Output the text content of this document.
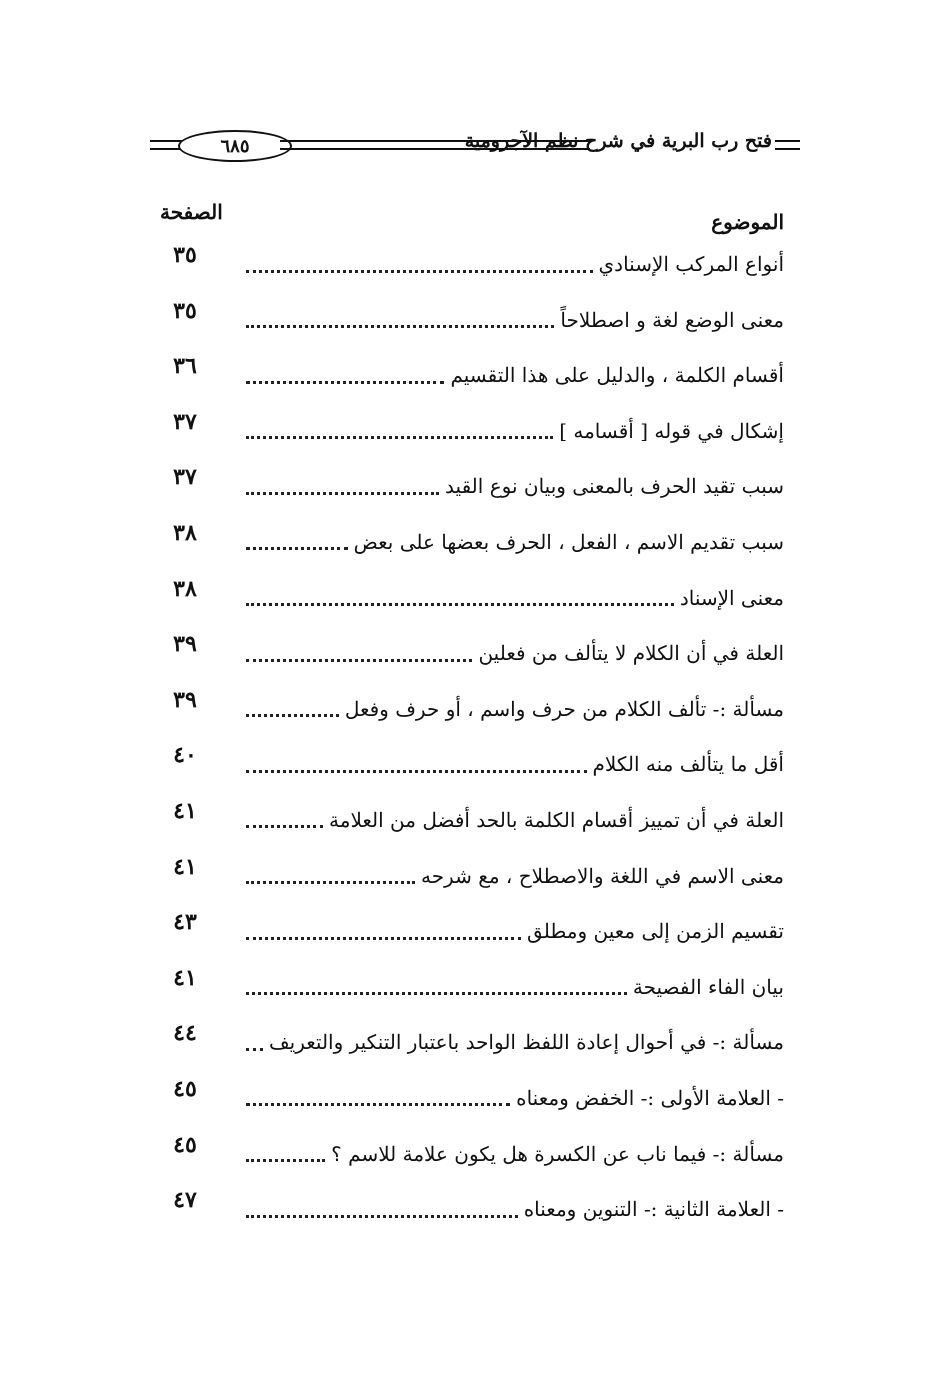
٦٨٥	فتح رب البرية في شرح نظم الآجرومية
الصفحة	الموضوع
٣٥	أنواع المركب الإسنادي
٣٥	معنى الوضع لغة و اصطلاحاً
٣٦	أقسام الكلمة ، والدليل على هذا التقسيم
٣٧	إشكال في قوله [ أقسامه ]
٣٧	سبب تقيد الحرف بالمعنى وبيان نوع القيد
٣٨	سبب تقديم الاسم ، الفعل ، الحرف بعضها على بعض
٣٨	معنى الإسناد
٣٩	العلة في أن الكلام لا يتألف من فعلين
٣٩	مسألة :- تألف الكلام من حرف واسم ، أو حرف وفعل
٤٠	أقل ما يتألف منه الكلام
٤١	العلة في أن تمييز أقسام الكلمة بالحد أفضل من العلامة
٤١	معنى الاسم في اللغة والاصطلاح ، مع شرحه
٤٣	تقسيم الزمن إلى معين ومطلق
٤١	بيان الفاء الفصيحة
٤٤	مسألة :- في أحوال إعادة اللفظ الواحد باعتبار التنكير والتعريف
٤٥	- العلامة الأولى :- الخفض ومعناه
٤٥	مسألة :- فيما ناب عن الكسرة هل يكون علامة للاسم ؟
٤٧	- العلامة الثانية :- التنوين ومعناه
